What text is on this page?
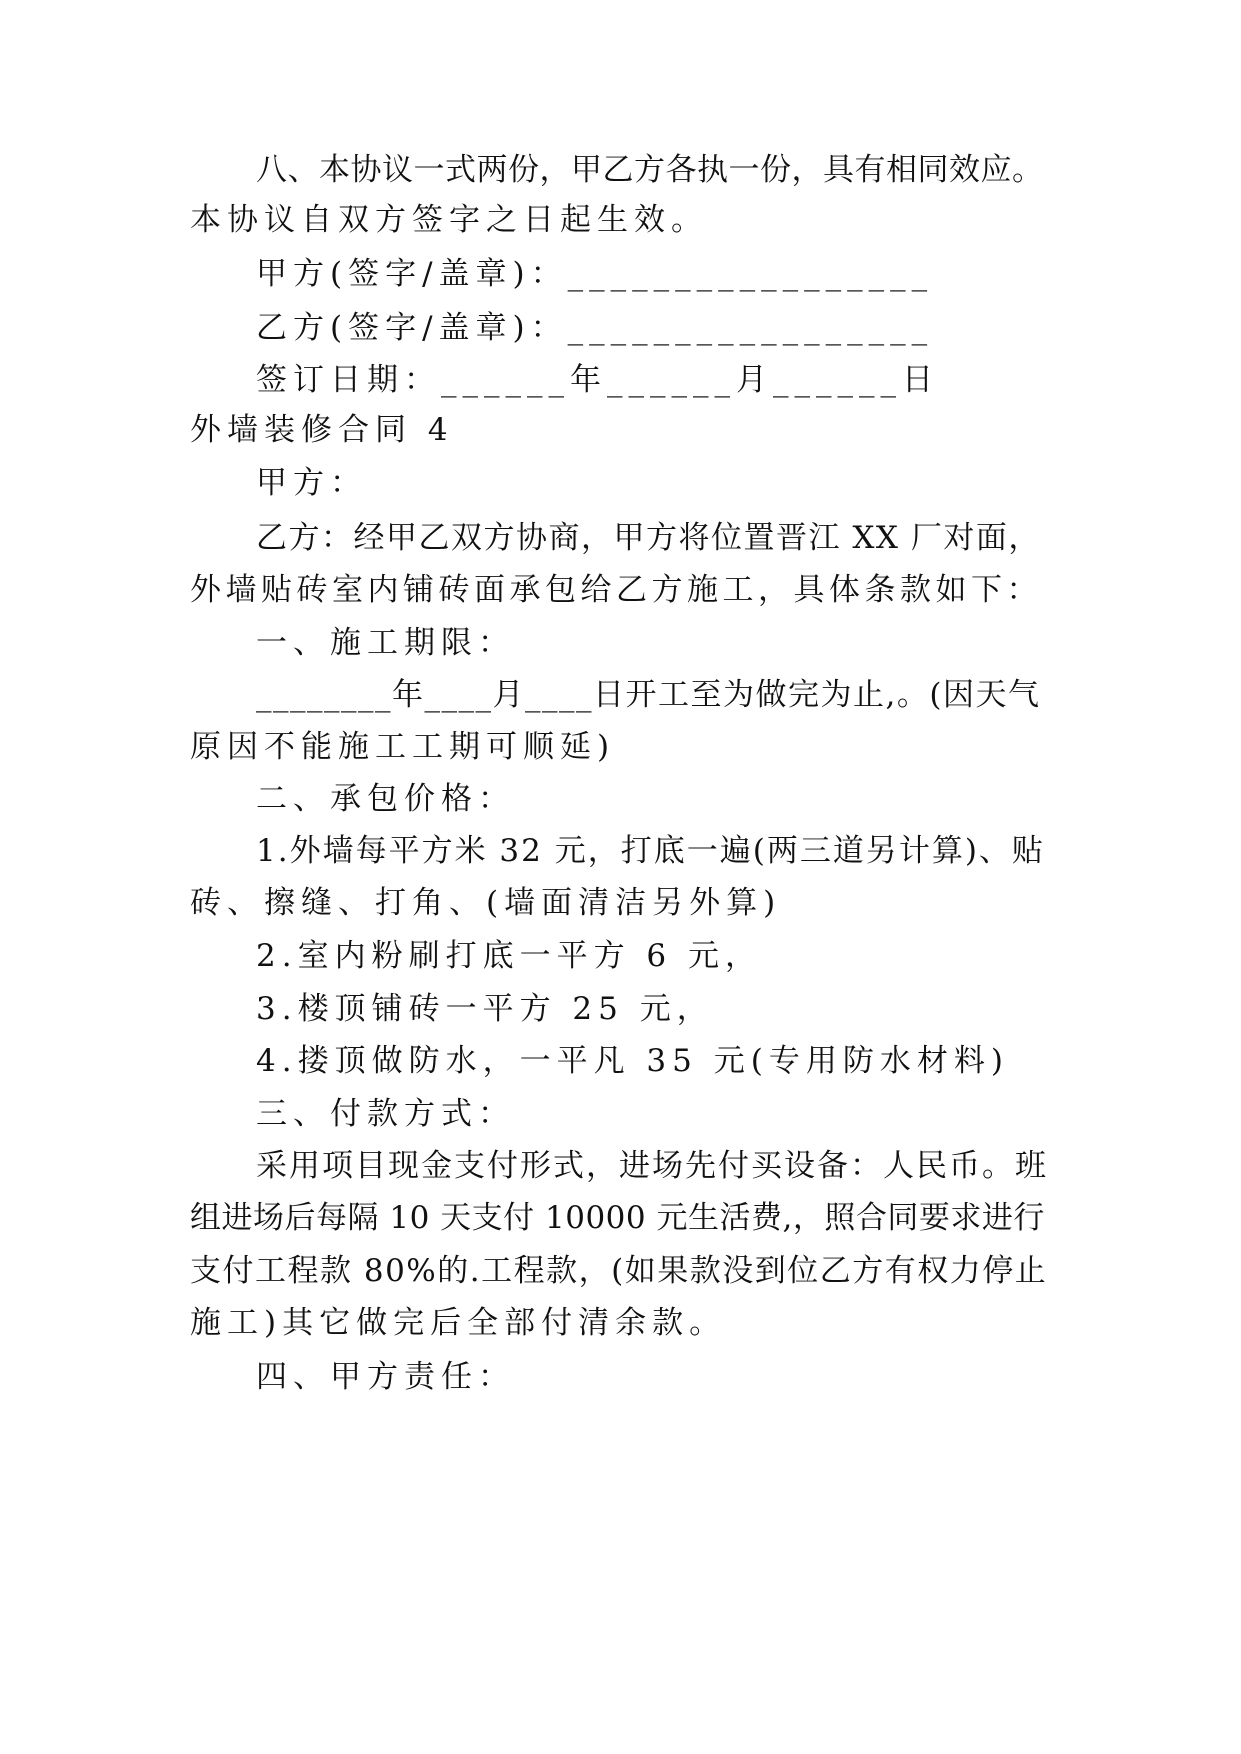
八、本协议一式两份，甲乙方各执一份，具有相同效应。
本协议自双方签字之日起生效。
甲方(签字/盖章)：_________________
乙方(签字/盖章)：_________________
签订日期：______年______月______日
外墙装修合同 4
甲方：
乙方：经甲乙双方协商，甲方将位置晋江 XX 厂对面，
外墙贴砖室内铺砖面承包给乙方施工，具体条款如下：
一、施工期限：
________年____月____日开工至为做完为止,。(因天气
原因不能施工工期可顺延)
二、承包价格：
1.外墙每平方米 32 元，打底一遍(两三道另计算)、贴
砖、擦缝、打角、(墙面清洁另外算)
2.室内粉刷打底一平方 6 元，
3.楼顶铺砖一平方 25 元，
4.搂顶做防水，一平凡 35 元(专用防水材料)
三、付款方式：
采用项目现金支付形式，进场先付买设备：人民币。班
组进场后每隔 10 天支付 10000 元生活费,，照合同要求进行
支付工程款 80%的.工程款，(如果款没到位乙方有权力停止
施工)其它做完后全部付清余款。
四、甲方责任：
